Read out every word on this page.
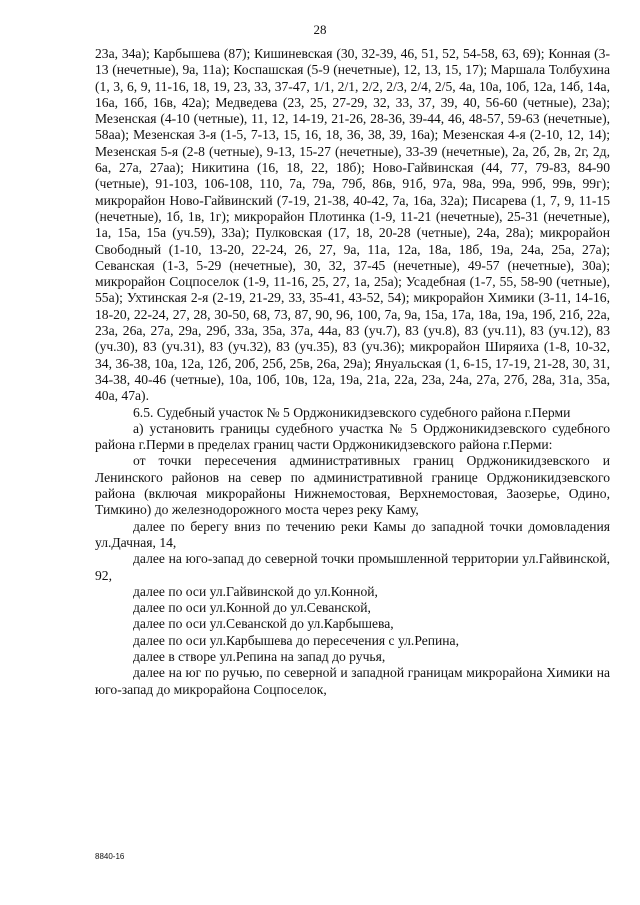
28

23а, 34а); Карбышева (87); Кишиневская (30, 32-39, 46, 51, 52, 54-58, 63, 69); Конная (3-13 (нечетные), 9а, 11а); Коспашская (5-9 (нечетные), 12, 13, 15, 17); Маршала Толбухина (1, 3, 6, 9, 11-16, 18, 19, 23, 33, 37-47, 1/1, 2/1, 2/2, 2/3, 2/4, 2/5, 4а, 10а, 10б, 12а, 14б, 14а, 16а, 16б, 16в, 42а); Медведева (23, 25, 27-29, 32, 33, 37, 39, 40, 56-60 (четные), 23а); Мезенская (4-10 (четные), 11, 12, 14-19, 21-26, 28-36, 39-44, 46, 48-57, 59-63 (нечетные), 58аа); Мезенская 3-я (1-5, 7-13, 15, 16, 18, 36, 38, 39, 16а); Мезенская 4-я (2-10, 12, 14); Мезенская 5-я (2-8 (четные), 9-13, 15-27 (нечетные), 33-39 (нечетные), 2а, 2б, 2в, 2г, 2д, 6а, 27а, 27аа); Никитина (16, 18, 22, 18б); Ново-Гайвинская (44, 77, 79-83, 84-90 (четные), 91-103, 106-108, 110, 7а, 79а, 79б, 86в, 91б, 97а, 98а, 99а, 99б, 99в, 99г); микрорайон Ново-Гайвинский (7-19, 21-38, 40-42, 7а, 16а, 32а); Писарева (1, 7, 9, 11-15 (нечетные), 1б, 1в, 1г); микрорайон Плотинка (1-9, 11-21 (нечетные), 25-31 (нечетные), 1а, 15а, 15а (уч.59), 33а); Пулковская (17, 18, 20-28 (четные), 24а, 28а); микрорайон Свободный (1-10, 13-20, 22-24, 26, 27, 9а, 11а, 12а, 18а, 18б, 19а, 24а, 25а, 27а); Севанская (1-3, 5-29 (нечетные), 30, 32, 37-45 (нечетные), 49-57 (нечетные), 30а); микрорайон Соцпоселок (1-9, 11-16, 25, 27, 1а, 25а); Усадебная (1-7, 55, 58-90 (четные), 55а); Ухтинская 2-я (2-19, 21-29, 33, 35-41, 43-52, 54); микрорайон Химики (3-11, 14-16, 18-20, 22-24, 27, 28, 30-50, 68, 73, 87, 90, 96, 100, 7а, 9а, 15а, 17а, 18а, 19а, 19б, 21б, 22а, 23а, 26а, 27а, 29а, 29б, 33а, 35а, 37а, 44а, 83 (уч.7), 83 (уч.8), 83 (уч.11), 83 (уч.12), 83 (уч.30), 83 (уч.31), 83 (уч.32), 83 (уч.35), 83 (уч.36); микрорайон Шиpяиха (1-8, 10-32, 34, 36-38, 10а, 12а, 12б, 20б, 25б, 25в, 26а, 29а); Януальская (1, 6-15, 17-19, 21-28, 30, 31, 34-38, 40-46 (четные), 10а, 10б, 10в, 12а, 19а, 21а, 22а, 23а, 24а, 27а, 27б, 28а, 31а, 35а, 40а, 47а).

6.5. Судебный участок № 5 Орджоникидзевского судебного района г.Перми

а) установить границы судебного участка № 5 Орджоникидзевского судебного района г.Перми в пределах границ части Орджоникидзевского района г.Перми:

от точки пересечения административных границ Орджоникидзевского и Ленинского районов на север по административной границе Орджоникидзевского района (включая микрорайоны Нижнемостовая, Верхнемостовая, Заозерье, Одино, Тимкино) до железнодорожного моста через реку Каму,

далее по берегу вниз по течению реки Камы до западной точки домовладения ул.Дачная, 14,

далее на юго-запад до северной точки промышленной территории ул.Гайвинской, 92,

далее по оси ул.Гайвинской до ул.Конной,

далее по оси ул.Конной до ул.Севанской,

далее по оси ул.Севанской до ул.Карбышева,

далее по оси ул.Карбышева до пересечения с ул.Репина,

далее в створе ул.Репина на запад до ручья,

далее на юг по ручью, по северной и западной границам микрорайона Химики на юго-запад до микрорайона Соцпоселок,

8840-16
